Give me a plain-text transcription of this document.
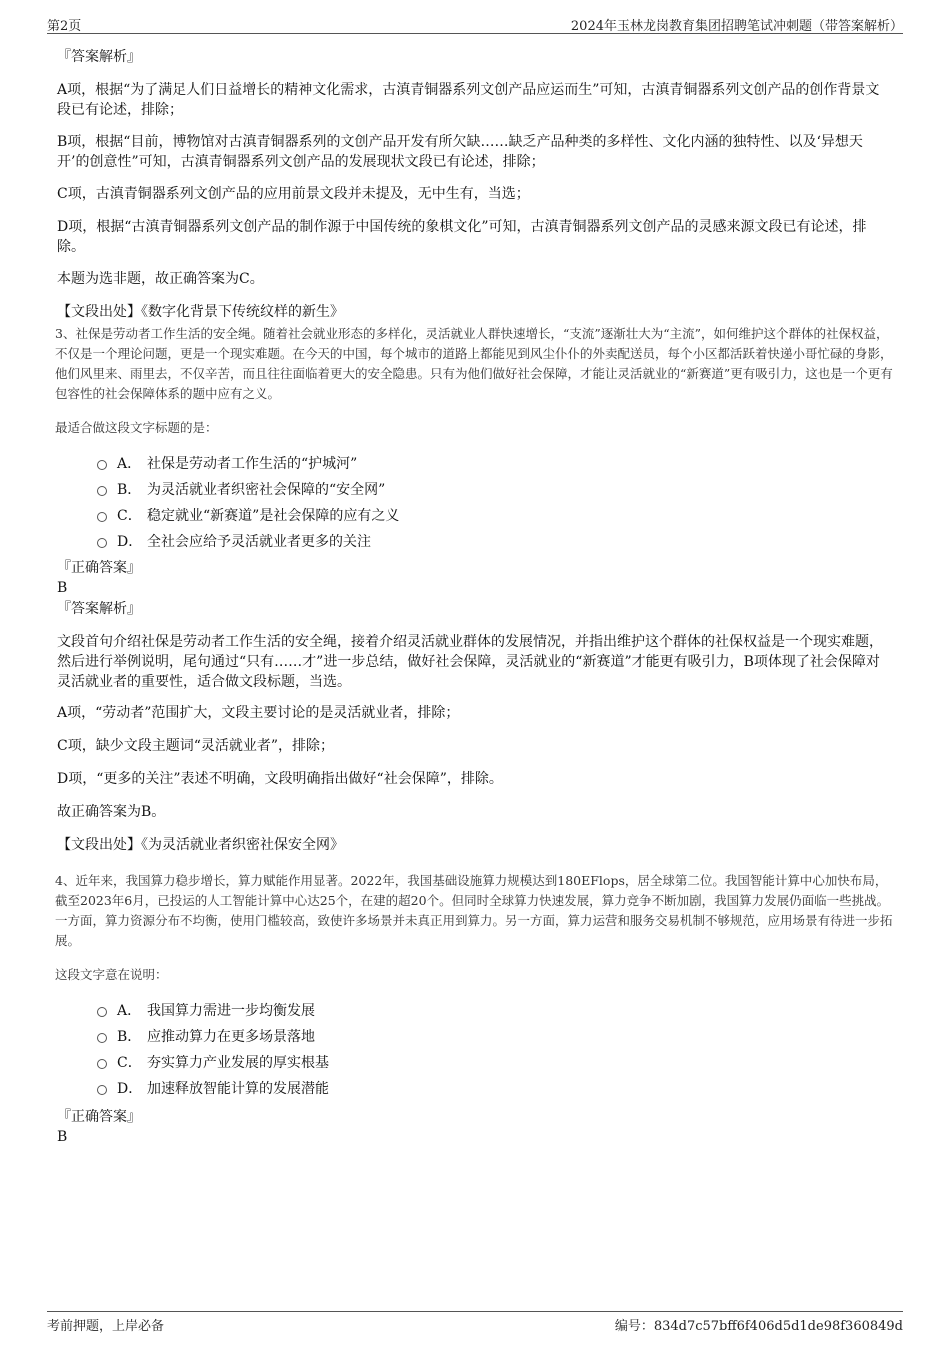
第2页	2024年玉林龙岗教育集团招聘笔试冲刺题（带答案解析）
『答案解析』
A项，根据“为了满足人们日益增长的精神文化需求，古滇青铜器系列文创产品应运而生”可知，古滇青铜器系列文创产品的创作背景文段已有论述，排除；
B项，根据“目前，博物馆对古滇青铜器系列的文创产品开发有所欠缺……缺乏产品种类的多样性、文化内涵的独特性、以及‘异想天开’的创意性”可知，古滇青铜器系列文创产品的发展现状文段已有论述，排除；
C项，古滇青铜器系列文创产品的应用前景文段并未提及，无中生有，当选；
D项，根据“古滇青铜器系列文创产品的制作源于中国传统的象棋文化”可知，古滇青铜器系列文创产品的灵感来源文段已有论述，排除。
本题为选非题，故正确答案为C。
【文段出处】《数字化背景下传统纹样的新生》
3、社保是劳动者工作生活的安全绳。随着社会就业形态的多样化，灵活就业人群快速增长，“支流”逐渐壮大为“主流”，如何维护这个群体的社保权益，不仅是一个理论问题，更是一个现实难题。在今天的中国，每个城市的道路上都能见到风尘仆仆的外卖配送员，每个小区都活跃着快递小哥忙碌的身影，他们风里来、雨里去，不仅辛苦，而且往往面临着更大的安全隐患。只有为他们做好社会保障，才能让灵活就业的“新赛道”更有吸引力，这也是一个更有包容性的社会保障体系的题中应有之义。
最适合做这段文字标题的是：
A． 社保是劳动者工作生活的“护城河”
B． 为灵活就业者织密社会保障的“安全网”
C． 稳定就业“新赛道”是社会保障的应有之义
D． 全社会应给予灵活就业者更多的关注
『正确答案』
B
『答案解析』
文段首句介绍社保是劳动者工作生活的安全绳，接着介绍灵活就业群体的发展情况，并指出维护这个群体的社保权益是一个现实难题，然后进行举例说明，尾句通过“只有……才”进一步总结，做好社会保障，灵活就业的“新赛道”才能更有吸引力，B项体现了社会保障对灵活就业者的重要性，适合做文段标题，当选。
A项，“劳动者”范围扩大，文段主要讨论的是灵活就业者，排除；
C项，缺少文段主题词“灵活就业者”，排除；
D项，“更多的关注”表述不明确，文段明确指出做好“社会保障”，排除。
故正确答案为B。
【文段出处】《为灵活就业者织密社保安全网》
4、近年来，我国算力稳步增长，算力赋能作用显著。2022年，我国基础设施算力规模达到180EFlops，居全球第二位。我国智能计算中心加快布局，截至2023年6月，已投运的人工智能计算中心达25个，在建的超20个。但同时全球算力快速发展，算力竞争不断加剧，我国算力发展仍面临一些挑战。一方面，算力资源分布不均衡，使用门槛较高，致使许多场景并未真正用到算力。另一方面，算力运营和服务交易机制不够规范，应用场景有待进一步拓展。
这段文字意在说明：
A． 我国算力需进一步均衡发展
B． 应推动算力在更多场景落地
C． 夯实算力产业发展的厚实根基
D． 加速释放智能计算的发展潜能
『正确答案』
B
考前押题，上岸必备	编号：834d7c57bff6f406d5d1de98f360849d
